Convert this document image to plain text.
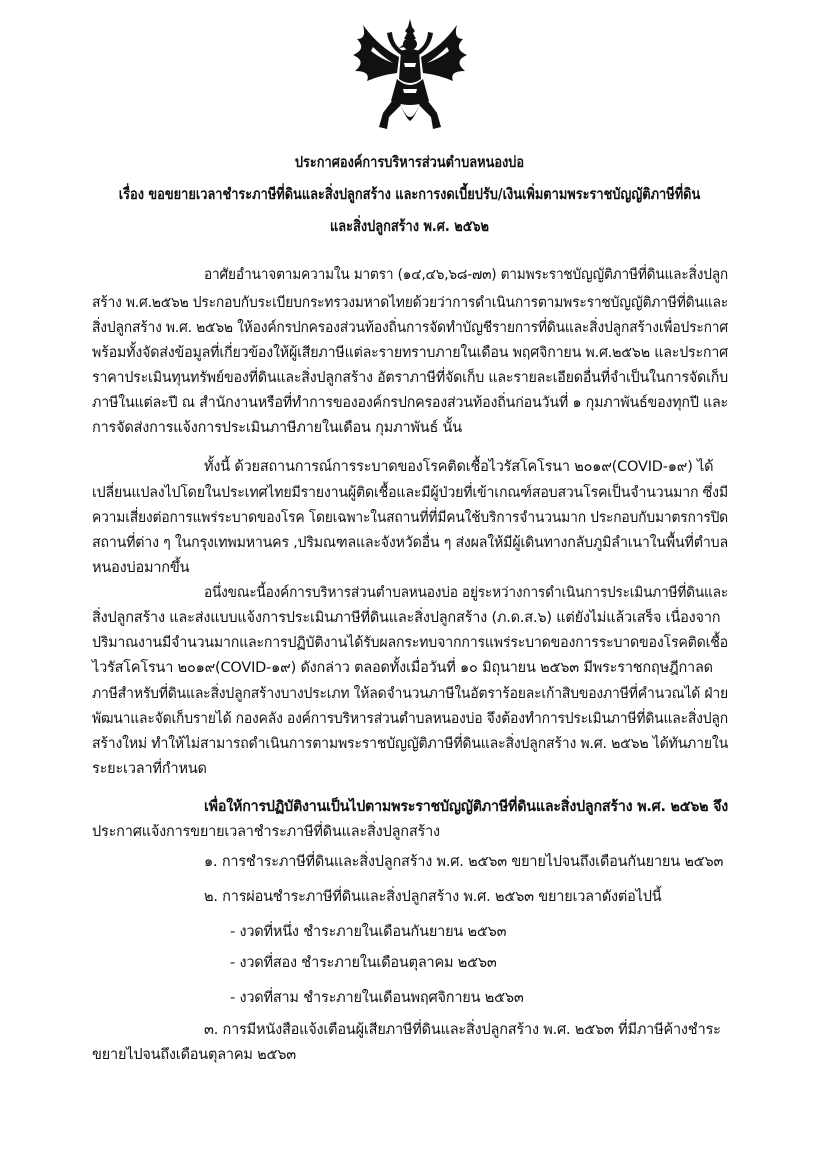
ประกาศองค์การบริหารส่วนตำบลหนองบ่อ
เรื่อง ขอขยายเวลาชำระภาษีที่ดินและสิ่งปลูกสร้าง และการงดเบี้ยปรับ/เงินเพิ่มตามพระราชบัญญัติภาษีที่ดิน
และสิ่งปลูกสร้าง พ.ศ. ๒๕๖๒
อาศัยอำนาจตามความใน มาตรา (๑๔,๔๖,๖๘-๗๓) ตามพระราชบัญญัติภาษีที่ดินและสิ่งปลูก
สร้าง พ.ศ.๒๕๖๒ ประกอบกับระเบียบกระทรวงมหาดไทยด้วยว่าการดำเนินการตามพระราชบัญญัติภาษีที่ดินและ
สิ่งปลูกสร้าง พ.ศ. ๒๕๖๒ ให้องค์กรปกครองส่วนท้องถิ่นการจัดทำบัญชีรายการที่ดินและสิ่งปลูกสร้างเพื่อประกาศ
พร้อมทั้งจัดส่งข้อมูลที่เกี่ยวข้องให้ผู้เสียภาษีแต่ละรายทราบภายในเดือน พฤศจิกายน พ.ศ.๒๕๖๒ และประกาศ
ราคาประเมินทุนทรัพย์ของที่ดินและสิ่งปลูกสร้าง อัตราภาษีที่จัดเก็บ และรายละเอียดอื่นที่จำเป็นในการจัดเก็บ
ภาษีในแต่ละปี ณ สำนักงานหรือที่ทำการขององค์กรปกครองส่วนท้องถิ่นก่อนวันที่ ๑ กุมภาพันธ์ของทุกปี และ
การจัดส่งการแจ้งการประเมินภาษีภายในเดือน กุมภาพันธ์ นั้น
ทั้งนี้ ด้วยสถานการณ์การระบาดของโรคติดเชื้อไวรัสโคโรนา ๒๐๑๙(COVID-๑๙) ได้
เปลี่ยนแปลงไปโดยในประเทศไทยมีรายงานผู้ติดเชื้อและมีผู้ป่วยที่เข้าเกณฑ์สอบสวนโรคเป็นจำนวนมาก ซึ่งมี
ความเสี่ยงต่อการแพร่ระบาดของโรค โดยเฉพาะในสถานที่ที่มีคนใช้บริการจำนวนมาก ประกอบกับมาตรการปิด
สถานที่ต่าง ๆ ในกรุงเทพมหานคร ,ปริมณฑลและจังหวัดอื่น ๆ ส่งผลให้มีผู้เดินทางกลับภูมิลำเนาในพื้นที่ตำบล
หนองบ่อมากขึ้น
อนึ่งขณะนี้องค์การบริหารส่วนตำบลหนองบ่อ อยู่ระหว่างการดำเนินการประเมินภาษีที่ดินและ
สิ่งปลูกสร้าง และส่งแบบแจ้งการประเมินภาษีที่ดินและสิ่งปลูกสร้าง (ภ.ด.ส.๖) แต่ยังไม่แล้วเสร็จ เนื่องจาก
ปริมาณงานมีจำนวนมากและการปฏิบัติงานได้รับผลกระทบจากการแพร่ระบาดของการระบาดของโรคติดเชื้อ
ไวรัสโคโรนา ๒๐๑๙(COVID-๑๙) ดังกล่าว ตลอดทั้งเมื่อวันที่ ๑๐ มิถุนายน ๒๕๖๓ มีพระราชกฤษฎีกาลด
ภาษีสำหรับที่ดินและสิ่งปลูกสร้างบางประเภท ให้ลดจำนวนภาษีในอัตราร้อยละเก้าสิบของภาษีที่คำนวณได้ ฝ่าย
พัฒนาและจัดเก็บรายได้ กองคลัง องค์การบริหารส่วนตำบลหนองบ่อ จึงต้องทำการประเมินภาษีที่ดินและสิ่งปลูก
สร้างใหม่ ทำให้ไม่สามารถดำเนินการตามพระราชบัญญัติภาษีที่ดินและสิ่งปลูกสร้าง พ.ศ. ๒๕๖๒ ได้ทันภายใน
ระยะเวลาที่กำหนด
เพื่อให้การปฏิบัติงานเป็นไปตามพระราชบัญญัติภาษีที่ดินและสิ่งปลูกสร้าง พ.ศ. ๒๕๖๒ จึง
ประกาศแจ้งการขยายเวลาชำระภาษีที่ดินและสิ่งปลูกสร้าง
๑. การชำระภาษีที่ดินและสิ่งปลูกสร้าง พ.ศ. ๒๕๖๓ ขยายไปจนถึงเดือนกันยายน ๒๕๖๓
๒. การผ่อนชำระภาษีที่ดินและสิ่งปลูกสร้าง พ.ศ. ๒๕๖๓ ขยายเวลาดังต่อไปนี้
- งวดที่หนึ่ง ชำระภายในเดือนกันยายน ๒๕๖๓
- งวดที่สอง ชำระภายในเดือนตุลาคม ๒๕๖๓
- งวดที่สาม ชำระภายในเดือนพฤศจิกายน ๒๕๖๓
๓. การมีหนังสือแจ้งเตือนผู้เสียภาษีที่ดินและสิ่งปลูกสร้าง พ.ศ. ๒๕๖๓ ที่มีภาษีค้างชำระ
ขยายไปจนถึงเดือนตุลาคม ๒๕๖๓
